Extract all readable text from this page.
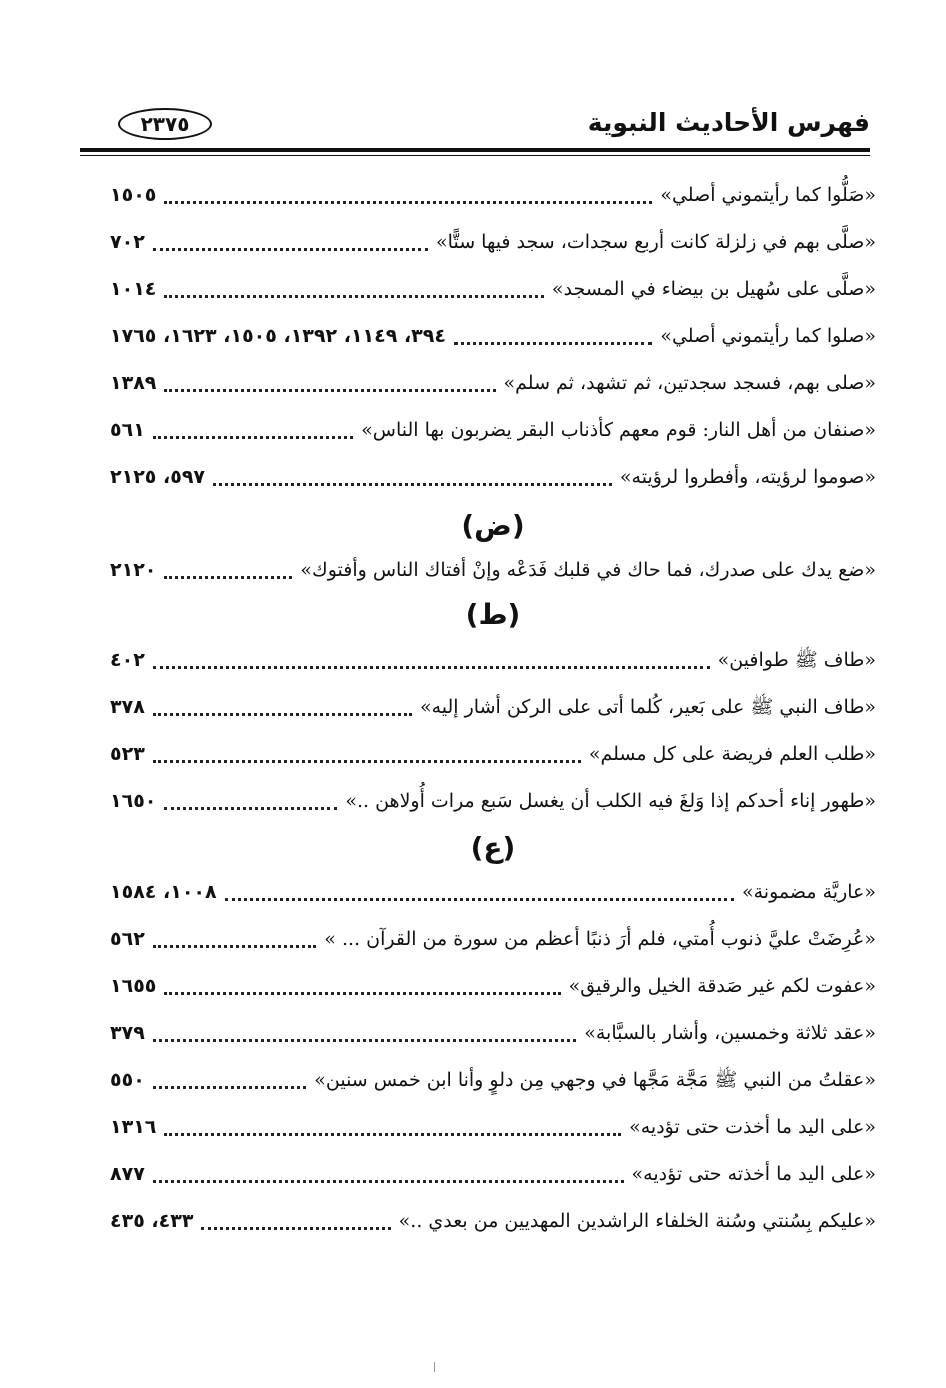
فهرس الأحاديث النبوية
٢٣٧٥
«صَلُّوا كما رأيتموني أصلي»
١٥٠٥
«صلَّى بهم في زلزلة كانت أربع سجدات، سجد فيها ستًّا»
٧٠٢
«صلَّى على سُهيل بن بيضاء في المسجد»
١٠١٤
«صلوا كما رأيتموني أصلي»
٣٩٤، ١١٤٩، ١٣٩٢، ١٥٠٥، ١٦٢٣، ١٧٦٥
«صلى بهم، فسجد سجدتين، ثم تشهد، ثم سلم»
١٣٨٩
«صنفان من أهل النار: قوم معهم كأذناب البقر يضربون بها الناس»
٥٦١
«صوموا لرؤيته، وأفطروا لرؤيته»
٥٩٧، ٢١٢٥
(ض)
«ضع يدك على صدرك، فما حاك في قلبك فَدَعْه وإنْ أفتاك الناس وأفتوك»
٢١٢٠
(ط)
«طاف ﷺ طوافين»
٤٠٢
«طاف النبي ﷺ على بَعير، كُلما أتى على الركن أشار إليه»
٣٧٨
«طلب العلم فريضة على كل مسلم»
٥٢٣
«طهور إناء أحدكم إذا وَلغَ فيه الكلب أن يغسل سَبع مرات أُولاهن ..»
١٦٥٠
(ع)
«عاريَّة مضمونة»
١٠٠٨، ١٥٨٤
«عُرِضَتْ عليَّ ذنوب أُمتي، فلم أرَ ذنبًا أعظم من سورة من القرآن ... »
٥٦٢
«عفوت لكم غير صَدقة الخيل والرقيق»
١٦٥٥
«عقد ثلاثة وخمسين، وأشار بالسبَّابة»
٣٧٩
«عقلتُ من النبي ﷺ مَجَّة مَجَّها في وجهي مِن دلوٍ وأنا ابن خمس سنين»
٥٥٠
«على اليد ما أخذت حتى تؤديه»
١٣١٦
«على اليد ما أخذته حتى تؤديه»
٨٧٧
«عليكم بِسُنتي وسُنة الخلفاء الراشدين المهديين من بعدي ..»
٤٣٣، ٤٣٥
